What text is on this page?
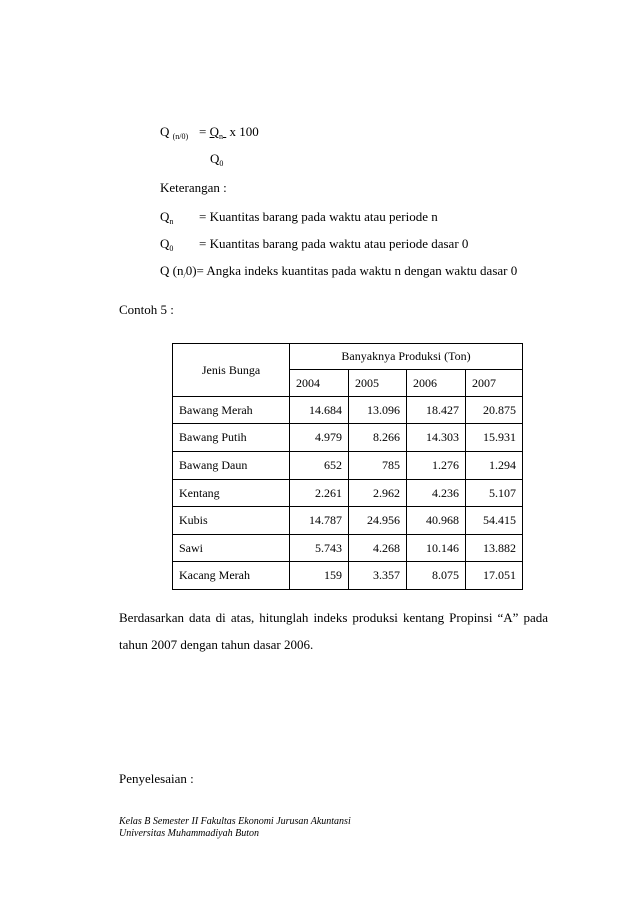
Q $_{(n/0)} = Q_n$ x 100
$Q_0$
Keterangan :
$Q_n$ = Kuantitas barang pada waktu atau periode n
$Q_0$ = Kuantitas barang pada waktu atau periode dasar 0
Q $(n_/0)=$ Angka indeks kuantitas pada waktu n dengan waktu dasar 0
Contoh 5 :
Jenis Bunga	Banyaknya Produksi (Ton)			
	2004	2005	2006	2007
Bawang Merah	14.684	13.096	18.427	20.875
Bawang Putih	4.979	8.266	14.303	15.931
Bawang Daun	652	785	1.276	1.294
Kentang	2.261	2.962	4.236	5.107
Kubis	14.787	24.956	40.968	54.415
Sawi	5.743	4.268	10.146	13.882
Kacang Merah	159	3.357	8.075	17.051
Berdasarkan data di atas, hitunglah indeks produksi kentang Propinsi “A” pada tahun 2007 dengan tahun dasar 2006.
Penyelesaian :
Kelas B Semester II Fakultas Ekonomi Jurusan Akuntansi
Universitas Muhammadiyah Buton
